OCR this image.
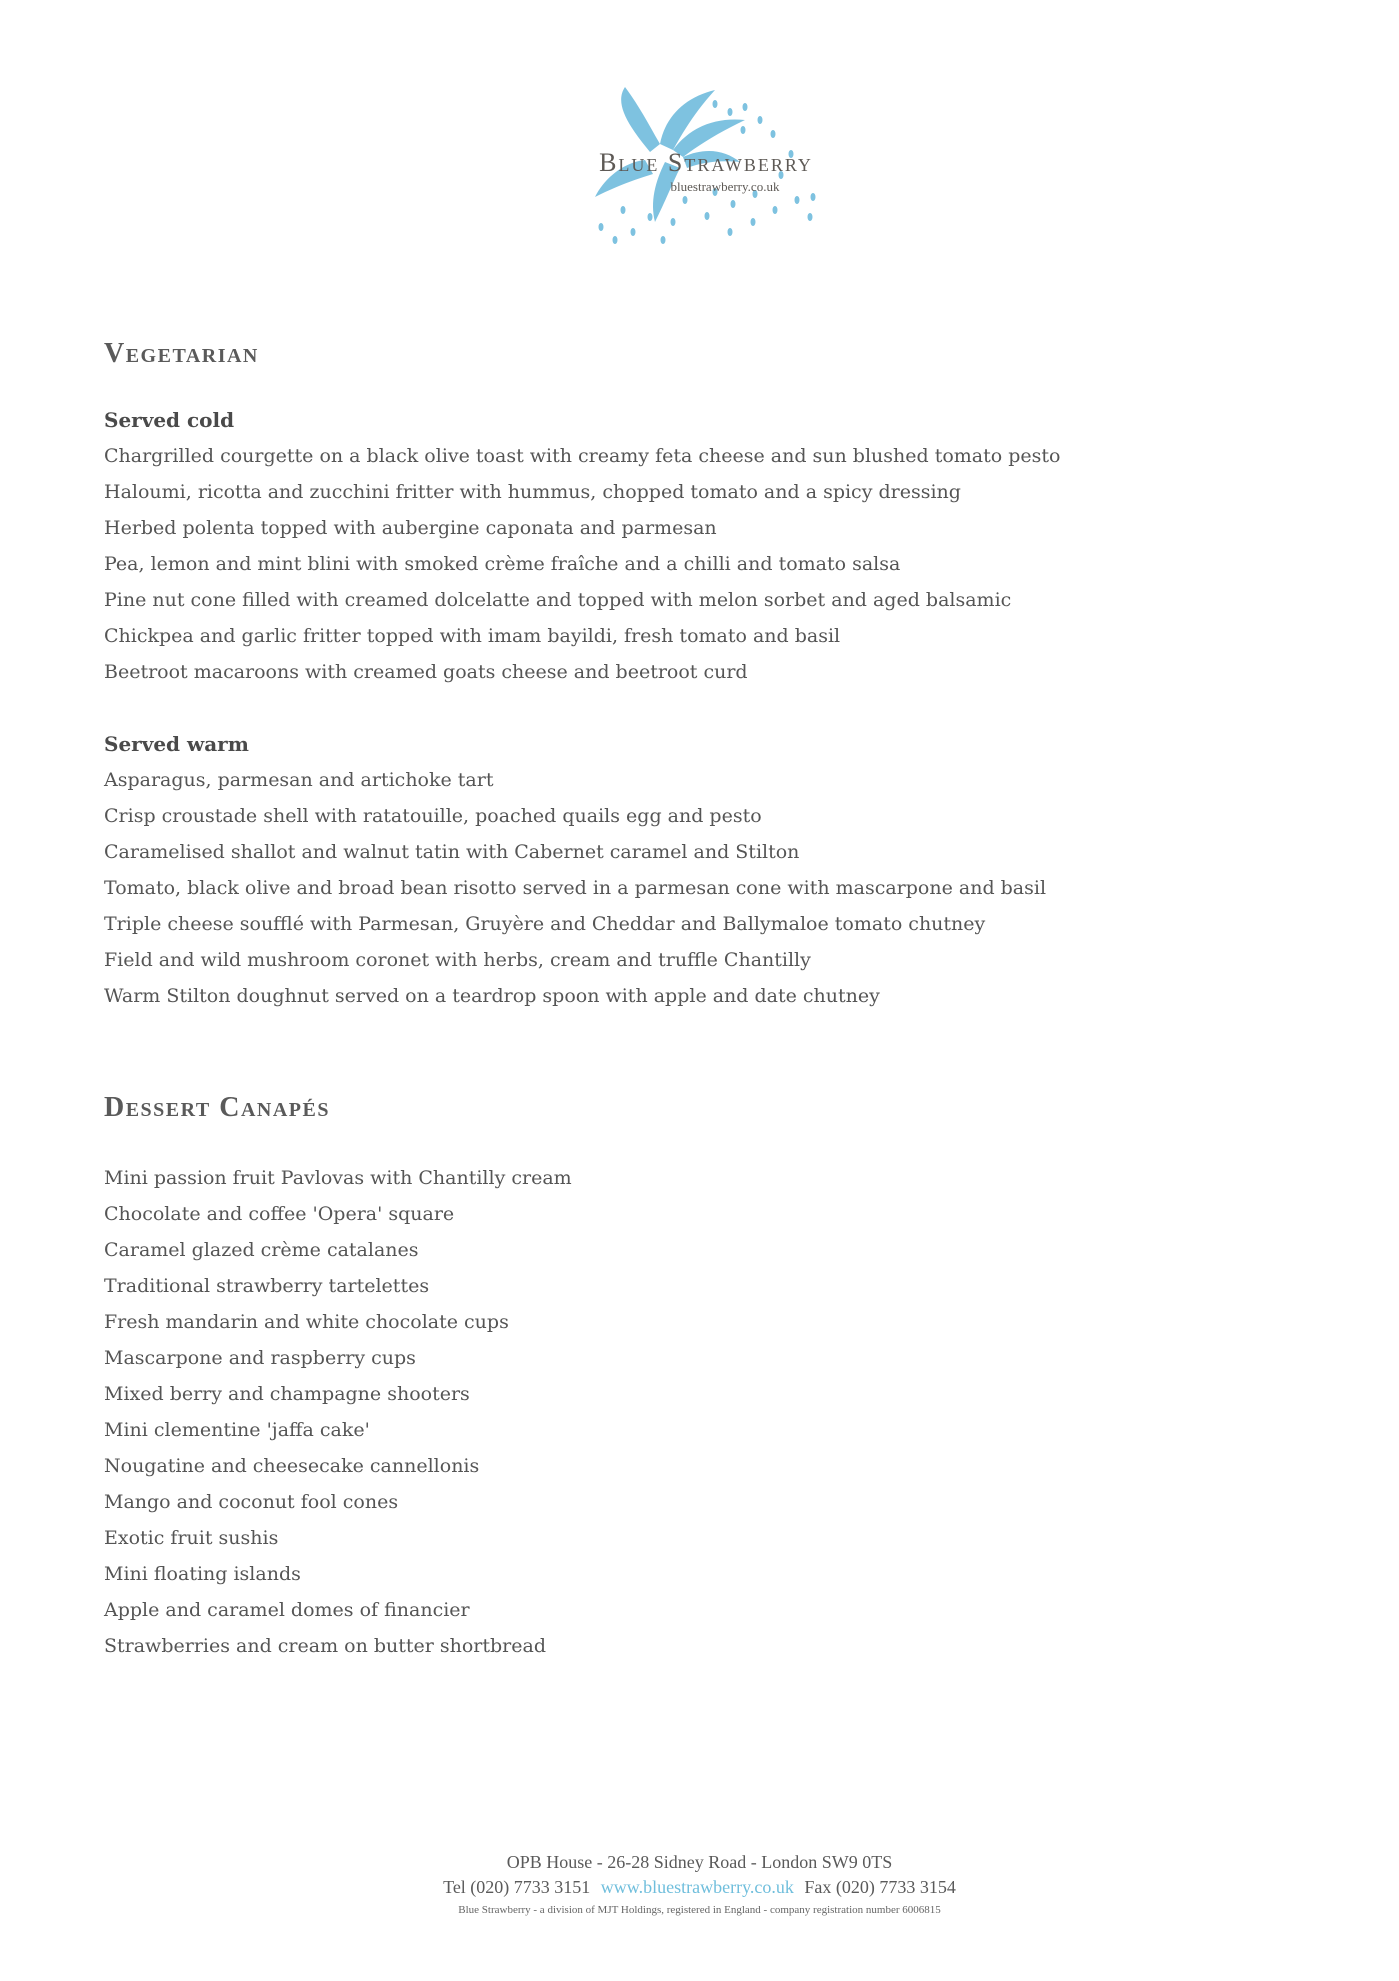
Blue Strawberry
bluestrawberry.co.uk
Vegetarian
Served cold
Chargrilled courgette on a black olive toast with creamy feta cheese and sun blushed tomato pesto
Haloumi, ricotta and zucchini fritter with hummus, chopped tomato and a spicy dressing
Herbed polenta topped with aubergine caponata and parmesan
Pea, lemon and mint blini with smoked crème fraîche and a chilli and tomato salsa
Pine nut cone filled with creamed dolcelatte and topped with melon sorbet and aged balsamic
Chickpea and garlic fritter topped with imam bayildi, fresh tomato and basil
Beetroot macaroons with creamed goats cheese and beetroot curd
Served warm
Asparagus, parmesan and artichoke tart
Crisp croustade shell with ratatouille, poached quails egg and pesto
Caramelised shallot and walnut tatin with Cabernet caramel and Stilton
Tomato, black olive and broad bean risotto served in a parmesan cone with mascarpone and basil
Triple cheese soufflé with Parmesan, Gruyère and Cheddar and Ballymaloe tomato chutney
Field and wild mushroom coronet with herbs, cream and truffle Chantilly
Warm Stilton doughnut served on a teardrop spoon with apple and date chutney
Dessert Canapés
Mini passion fruit Pavlovas with Chantilly cream
Chocolate and coffee 'Opera' square
Caramel glazed crème catalanes
Traditional strawberry tartelettes
Fresh mandarin and white chocolate cups
Mascarpone and raspberry cups
Mixed berry and champagne shooters
Mini clementine 'jaffa cake'
Nougatine and cheesecake cannellonis
Mango and coconut fool cones
Exotic fruit sushis
Mini floating islands
Apple and caramel domes of financier
Strawberries and cream on butter shortbread
OPB House - 26-28 Sidney Road - London SW9 0TS
Tel (020) 7733 3151 www.bluestrawberry.co.uk Fax (020) 7733 3154
Blue Strawberry - a division of MJT Holdings, registered in England - company registration number 6006815
